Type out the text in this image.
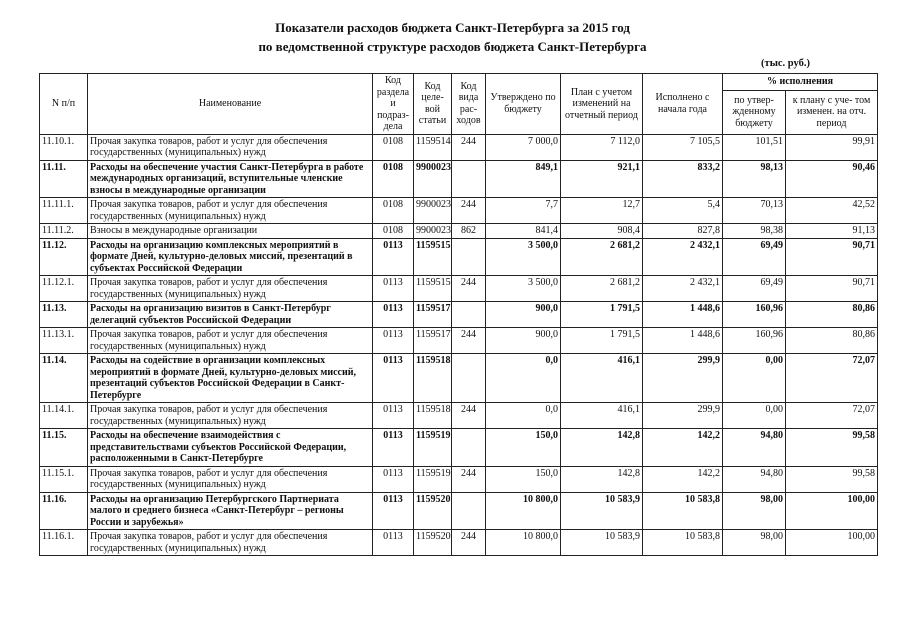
Показатели расходов бюджета Санкт-Петербурга за 2015 год
по ведомственной структуре расходов бюджета Санкт-Петербурга
(тыс. руб.)
N п/п	Наименование	Код раздела и подраз- дела	Код целе- вой статьи	Код вида рас- ходов	Утверждено по бюджету	План с учетом изменений на отчетный период	Исполнено с начала года	% исполнения	
								по утвер- жденному бюджету	к плану с уче- том изменен. на отч. период
11.10.1.	Прочая закупка товаров, работ и услуг для обеспечения государственных (муниципальных) нужд	0108	1159514	244	7 000,0	7 112,0	7 105,5	101,51	99,91
11.11.	Расходы на обеспечение участия Санкт-Петербурга в работе международных организаций, вступительные членские взносы в международные организации	0108	9900023		849,1	921,1	833,2	98,13	90,46
11.11.1.	Прочая закупка товаров, работ и услуг для обеспечения государственных (муниципальных) нужд	0108	9900023	244	7,7	12,7	5,4	70,13	42,52
11.11.2.	Взносы в международные организации	0108	9900023	862	841,4	908,4	827,8	98,38	91,13
11.12.	Расходы на организацию комплексных мероприятий в формате Дней, культурно-деловых миссий, презентаций в субъектах Российской Федерации	0113	1159515		3 500,0	2 681,2	2 432,1	69,49	90,71
11.12.1.	Прочая закупка товаров, работ и услуг для обеспечения государственных (муниципальных) нужд	0113	1159515	244	3 500,0	2 681,2	2 432,1	69,49	90,71
11.13.	Расходы на организацию визитов в Санкт-Петербург делегаций субъектов Российской Федерации	0113	1159517		900,0	1 791,5	1 448,6	160,96	80,86
11.13.1.	Прочая закупка товаров, работ и услуг для обеспечения государственных (муниципальных) нужд	0113	1159517	244	900,0	1 791,5	1 448,6	160,96	80,86
11.14.	Расходы на содействие в организации комплексных мероприятий в формате Дней, культурно-деловых миссий, презентаций субъектов Российской Федерации в Санкт-Петербурге	0113	1159518		0,0	416,1	299,9	0,00	72,07
11.14.1.	Прочая закупка товаров, работ и услуг для обеспечения государственных (муниципальных) нужд	0113	1159518	244	0,0	416,1	299,9	0,00	72,07
11.15.	Расходы на обеспечение взаимодействия с представительствами субъектов Российской Федерации, расположенными в Санкт-Петербурге	0113	1159519		150,0	142,8	142,2	94,80	99,58
11.15.1.	Прочая закупка товаров, работ и услуг для обеспечения государственных (муниципальных) нужд	0113	1159519	244	150,0	142,8	142,2	94,80	99,58
11.16.	Расходы на организацию Петербургского Партнериата малого и среднего бизнеса «Санкт-Петербург – регионы России и зарубежья»	0113	1159520		10 800,0	10 583,9	10 583,8	98,00	100,00
11.16.1.	Прочая закупка товаров, работ и услуг для обеспечения государственных (муниципальных) нужд	0113	1159520	244	10 800,0	10 583,9	10 583,8	98,00	100,00
